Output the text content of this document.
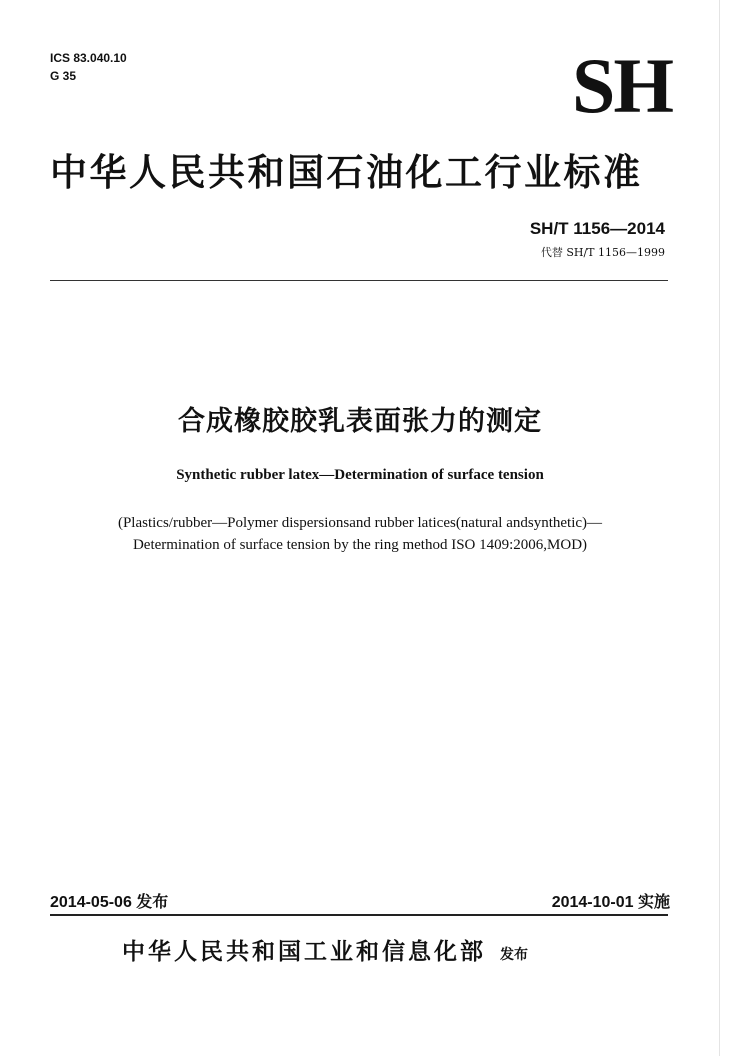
ICS 83.040.10
G 35	SH
中华人民共和国石油化工行业标准
SH/T 1156—2014
代替 SH/T 1156—1999
合成橡胶胶乳表面张力的测定
Synthetic rubber latex—Determination of surface tension
(Plastics/rubber—Polymer dispersionsand rubber latices(natural andsynthetic)—
Determination of surface tension by the ring method ISO 1409:2006,MOD)
2014-05-06 发布	2014-10-01 实施
中华人民共和国工业和信息化部 发布
